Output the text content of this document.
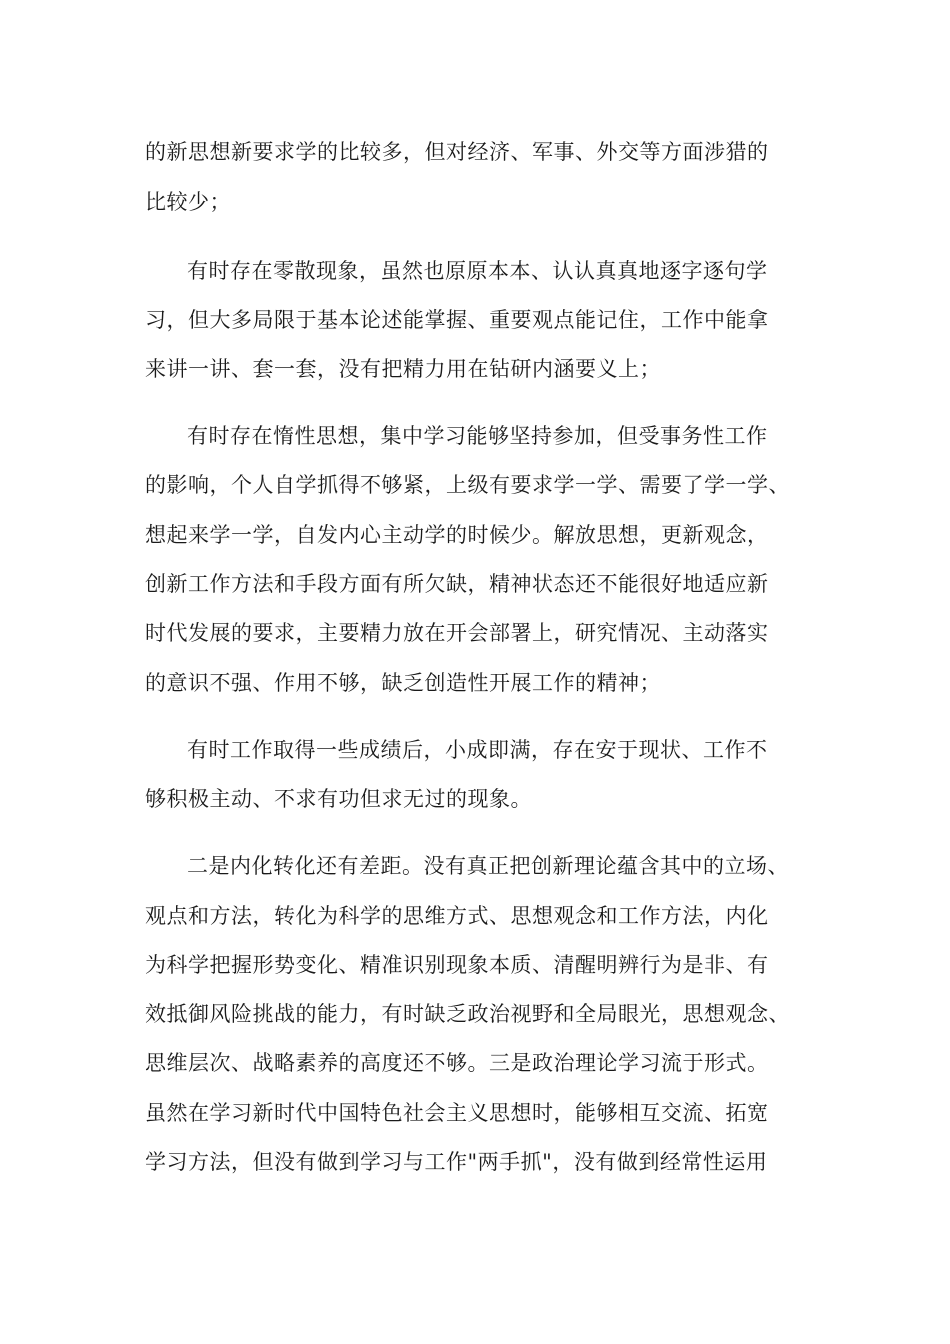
的新思想新要求学的比较多，但对经济、军事、外交等方面涉猎的
比较少；
有时存在零散现象，虽然也原原本本、认认真真地逐字逐句学
习，但大多局限于基本论述能掌握、重要观点能记住，工作中能拿
来讲一讲、套一套，没有把精力用在钻研内涵要义上；
有时存在惰性思想，集中学习能够坚持参加，但受事务性工作
的影响，个人自学抓得不够紧，上级有要求学一学、需要了学一学、
想起来学一学，自发内心主动学的时候少。解放思想，更新观念，
创新工作方法和手段方面有所欠缺，精神状态还不能很好地适应新
时代发展的要求，主要精力放在开会部署上，研究情况、主动落实
的意识不强、作用不够，缺乏创造性开展工作的精神；
有时工作取得一些成绩后，小成即满，存在安于现状、工作不
够积极主动、不求有功但求无过的现象。
二是内化转化还有差距。没有真正把创新理论蕴含其中的立场、
观点和方法，转化为科学的思维方式、思想观念和工作方法，内化
为科学把握形势变化、精准识别现象本质、清醒明辨行为是非、有
效抵御风险挑战的能力，有时缺乏政治视野和全局眼光，思想观念、
思维层次、战略素养的高度还不够。三是政治理论学习流于形式。
虽然在学习新时代中国特色社会主义思想时，能够相互交流、拓宽
学习方法，但没有做到学习与工作"两手抓"，没有做到经常性运用
